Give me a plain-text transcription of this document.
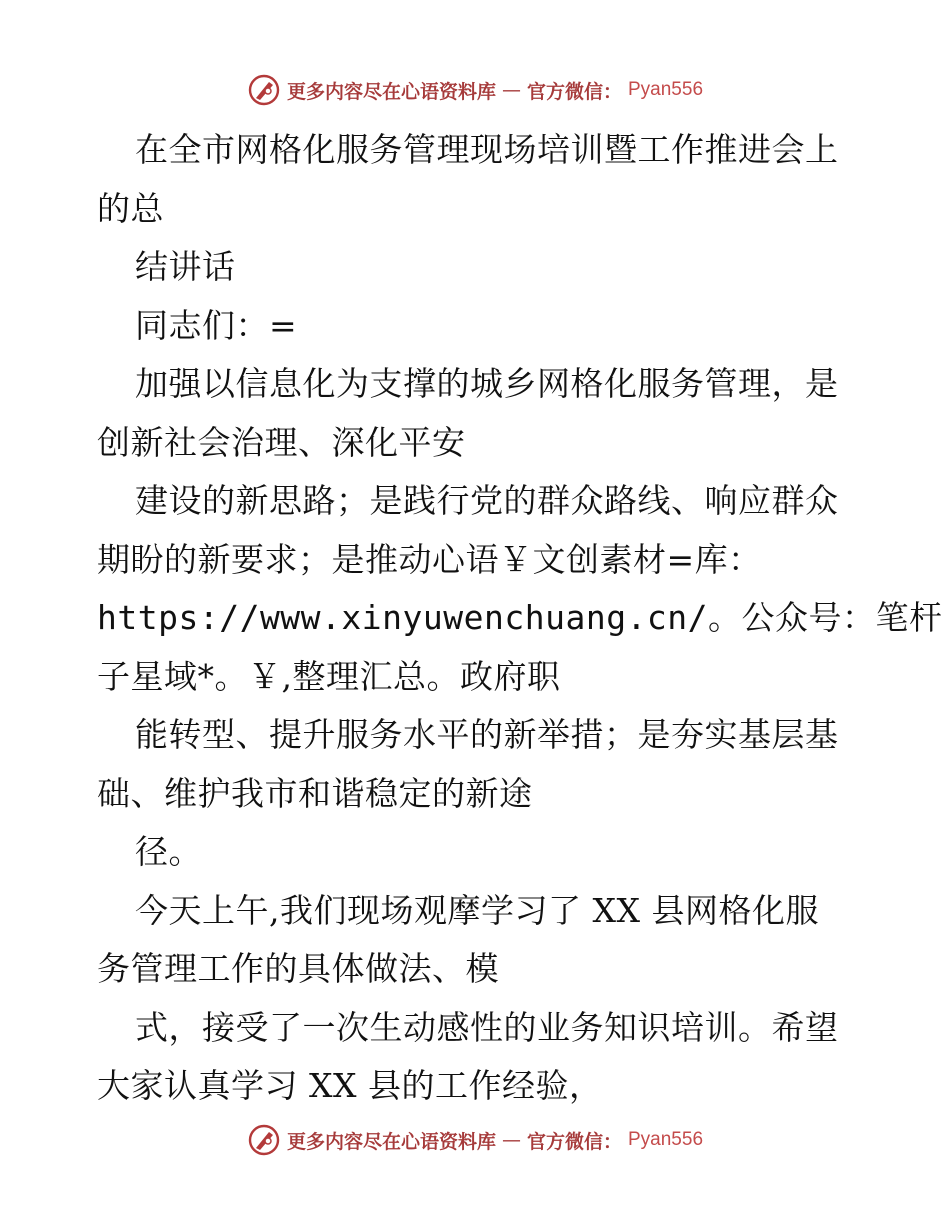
更多内容尽在心语资料库 — 官方微信： Pyan556
在全市网格化服务管理现场培训暨工作推进会上
的总
结讲话
同志们：=
加强以信息化为支撑的城乡网格化服务管理，是
创新社会治理、深化平安
建设的新思路；是践行党的群众路线、响应群众
期盼的新要求；是推动心语￥文创素材=库：
https://www.xinyuwenchuang.cn/。公众号：笔杆
子星域*。￥,整理汇总。政府职
能转型、提升服务水平的新举措；是夯实基层基
础、维护我市和谐稳定的新途
径。
今天上午,我们现场观摩学习了 XX 县网格化服
务管理工作的具体做法、模
式，接受了一次生动感性的业务知识培训。希望
大家认真学习 XX 县的工作经验，
更多内容尽在心语资料库 — 官方微信： Pyan556
